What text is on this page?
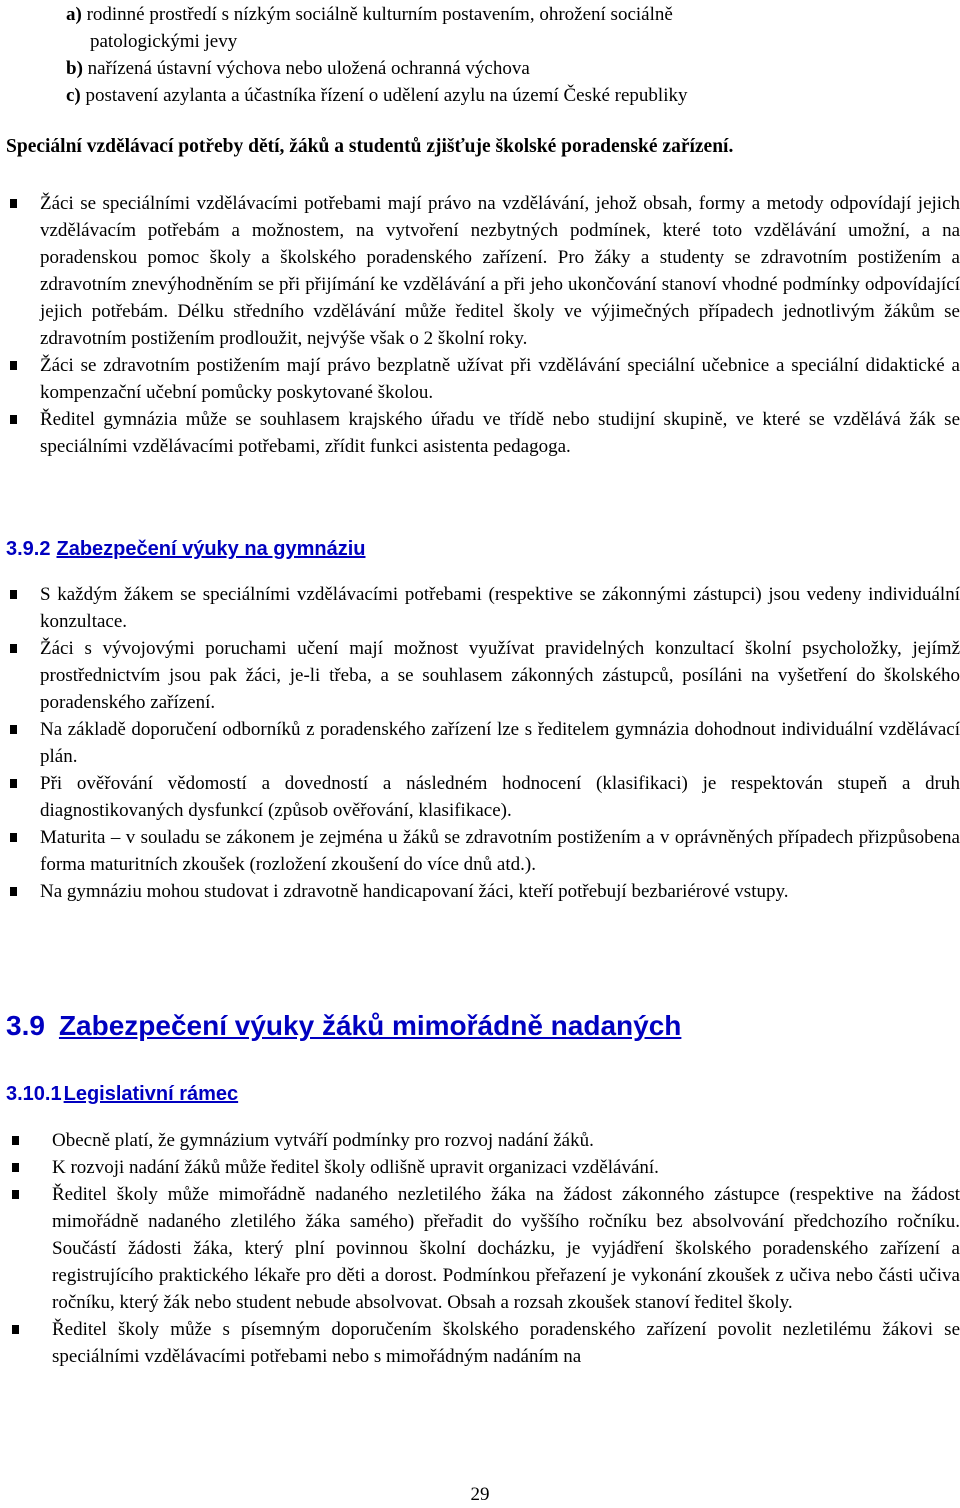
a) rodinné prostředí s nízkým sociálně kulturním postavením, ohrožení sociálně
patologickými jevy
b) nařízená ústavní výchova nebo uložená ochranná výchova
c) postavení azylanta a účastníka řízení o udělení azylu na území České republiky
Speciální vzdělávací potřeby dětí, žáků a studentů zjišťuje školské poradenské zařízení.
Žáci se speciálními vzdělávacími potřebami mají právo na vzdělávání, jehož obsah, formy a metody odpovídají jejich vzdělávacím potřebám a možnostem, na vytvoření nezbytných podmínek, které toto vzdělávání umožní, a na poradenskou pomoc školy a školského poradenského zařízení. Pro žáky a studenty se zdravotním postižením a zdravotním znevýhodněním se při přijímání ke vzdělávání a při jeho ukončování stanoví vhodné podmínky odpovídající jejich potřebám. Délku středního vzdělávání může ředitel školy ve výjimečných případech jednotlivým žákům se zdravotním postižením prodloužit, nejvýše však o 2 školní roky.
Žáci se zdravotním postižením mají právo bezplatně užívat při vzdělávání speciální učebnice a speciální didaktické a kompenzační učební pomůcky poskytované školou.
Ředitel gymnázia může se souhlasem krajského úřadu ve třídě nebo studijní skupině, ve které se vzdělává žák se speciálními vzdělávacími potřebami, zřídit funkci asistenta pedagoga.
3.9.2 Zabezpečení výuky na gymnáziu
S každým žákem se speciálními vzdělávacími potřebami (respektive se zákonnými zástupci) jsou vedeny individuální konzultace.
Žáci s vývojovými poruchami učení mají možnost využívat pravidelných konzultací školní psycholožky, jejímž prostřednictvím jsou pak žáci, je-li třeba, a se souhlasem zákonných zástupců, posíláni na vyšetření do školského poradenského zařízení.
Na základě doporučení odborníků z poradenského zařízení lze s ředitelem gymnázia dohodnout individuální vzdělávací plán.
Při ověřování vědomostí a dovedností a následném hodnocení (klasifikaci) je respektován stupeň a druh diagnostikovaných dysfunkcí (způsob ověřování, klasifikace).
Maturita – v souladu se zákonem je zejména u žáků se zdravotním postižením a v oprávněných případech přizpůsobena forma maturitních zkoušek (rozložení zkoušení do více dnů atd.).
Na gymnáziu mohou studovat i zdravotně handicapovaní žáci, kteří potřebují bezbariérové vstupy.
3.9 Zabezpečení výuky žáků mimořádně nadaných
3.10.1 Legislativní rámec
Obecně platí, že gymnázium vytváří podmínky pro rozvoj nadání žáků.
K rozvoji nadání žáků může ředitel školy odlišně upravit organizaci vzdělávání.
Ředitel školy může mimořádně nadaného nezletilého žáka na žádost zákonného zástupce (respektive na žádost mimořádně nadaného zletilého žáka samého) přeřadit do vyššího ročníku bez absolvování předchozího ročníku. Součástí žádosti žáka, který plní povinnou školní docházku, je vyjádření školského poradenského zařízení a registrujícího praktického lékaře pro děti a dorost. Podmínkou přeřazení je vykonání zkoušek z učiva nebo části učiva ročníku, který žák nebo student nebude absolvovat. Obsah a rozsah zkoušek stanoví ředitel školy.
Ředitel školy může s písemným doporučením školského poradenského zařízení povolit nezletilému žákovi se speciálními vzdělávacími potřebami nebo s mimořádným nadáním na
29
